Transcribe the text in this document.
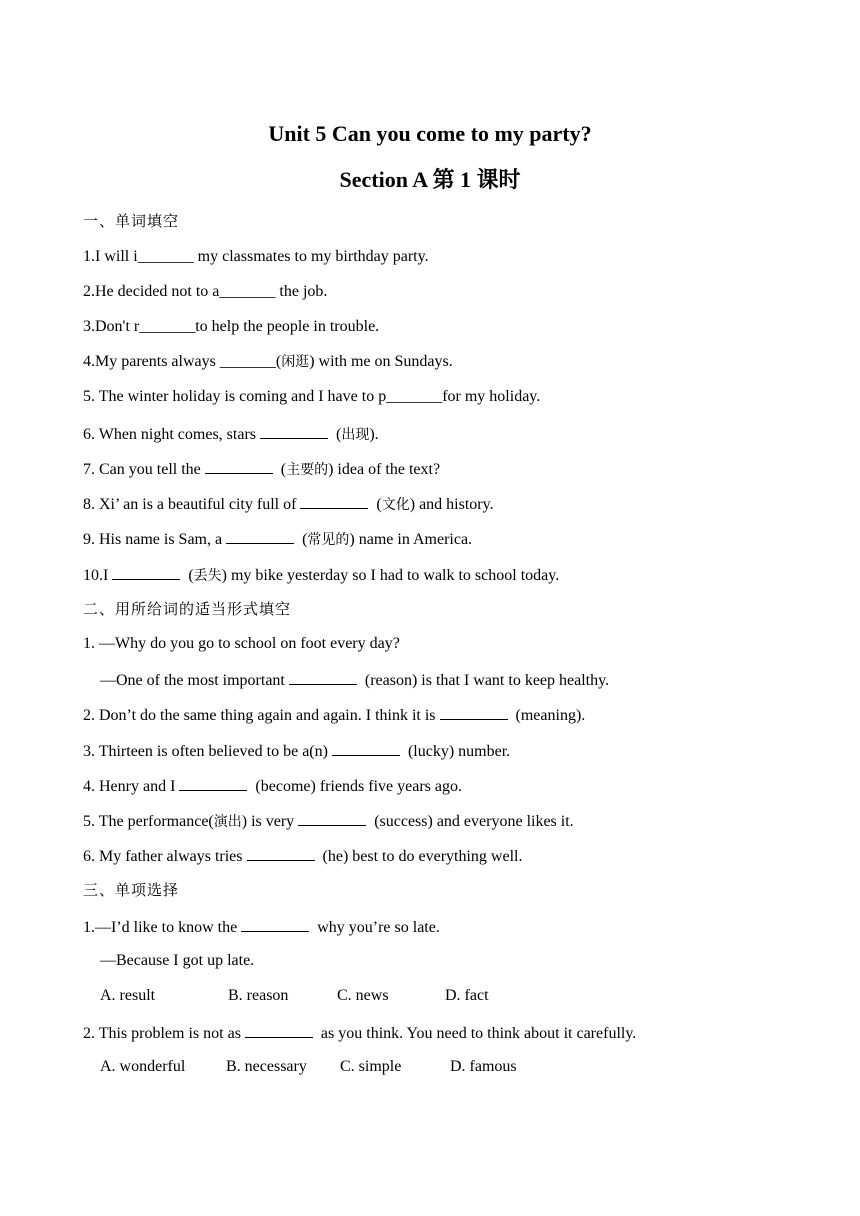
Unit 5 Can you come to my party?
Section A 第 1 课时
一、单词填空
1.I will i_______ my classmates to my birthday party.
2.He decided not to a_______ the job.
3.Don't r_______to help the people in trouble.
4.My parents always _______(闲逛) with me on Sundays.
5. The winter holiday is coming and I have to p_______for my holiday.
6. When night comes, stars	(出现).
7. Can you tell the	(主要的) idea of the text?
8. Xi’ an is a beautiful city full of	(文化) and history.
9. His name is Sam, a	(常见的) name in America.
10.I	(丢失) my bike yesterday so I had to walk to school today.
二、用所给词的适当形式填空
1. —Why do you go to school on foot every day?
—One of the most important	(reason) is that I want to keep healthy.
2. Don’t do the same thing again and again. I think it is	(meaning).
3. Thirteen is often believed to be a(n)	(lucky) number.
4. Henry and I	(become) friends five years ago.
5. The performance(演出) is very	(success) and everyone likes it.
6. My father always tries	(he) best to do everything well.
三、单项选择
1.—I’d like to know the	why you’re so late.
—Because I got up late.
A. result	B. reason	C. news	D. fact
2. This problem is not as	as you think. You need to think about it carefully.
A. wonderful	B. necessary C. simple	D. famous
